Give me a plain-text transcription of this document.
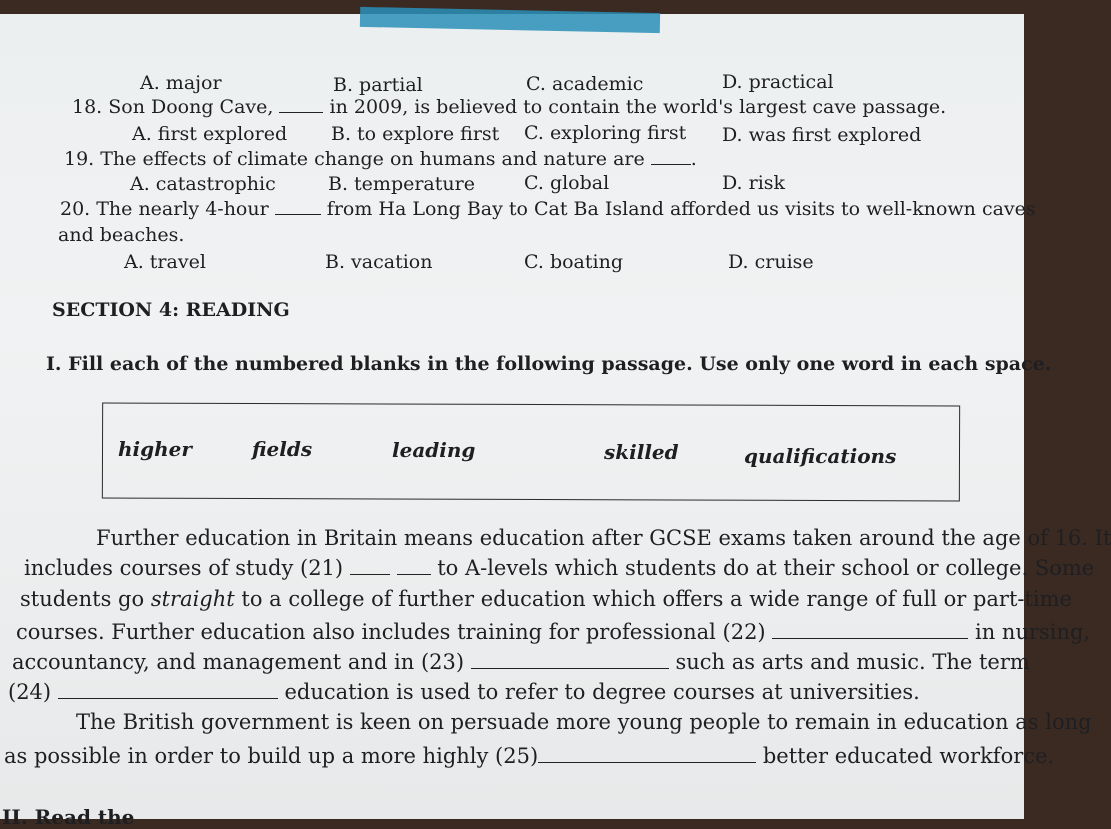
A. major	B. partial	C. academic	D. practical
18. Son Doong Cave,	in 2009, is believed to contain the world's largest cave passage.
A. first explored B. to explore first C. exploring first D. was first explored
19. The effects of climate change on humans and nature are .
A. catastrophic	B. temperature	C. global	D. risk
20. The nearly 4-hour	from Ha Long Bay to Cat Ba Island afforded us visits to well-known caves
and beaches.
A. travel	B. vacation	C. boating	D. cruise
SECTION 4: READING
I. Fill each of the numbered blanks in the following passage. Use only one word in each space.
higher	fields	leading	skilled	qualifications
Further education in Britain means education after GCSE exams taken around the age of 16. It
includes courses of study (21)	to A-levels which students do at their school or college. Some
students go straight to a college of further education which offers a wide range of full or part-time
courses. Further education also includes training for professional (22)	in nursing,
accountancy, and management and in (23)	such as arts and music. The term
(24)	education is used to refer to degree courses at universities.
The British government is keen on persuade more young people to remain in education as long
as possible in order to build up a more highly (25)	better educated workforce.
II. Read the
